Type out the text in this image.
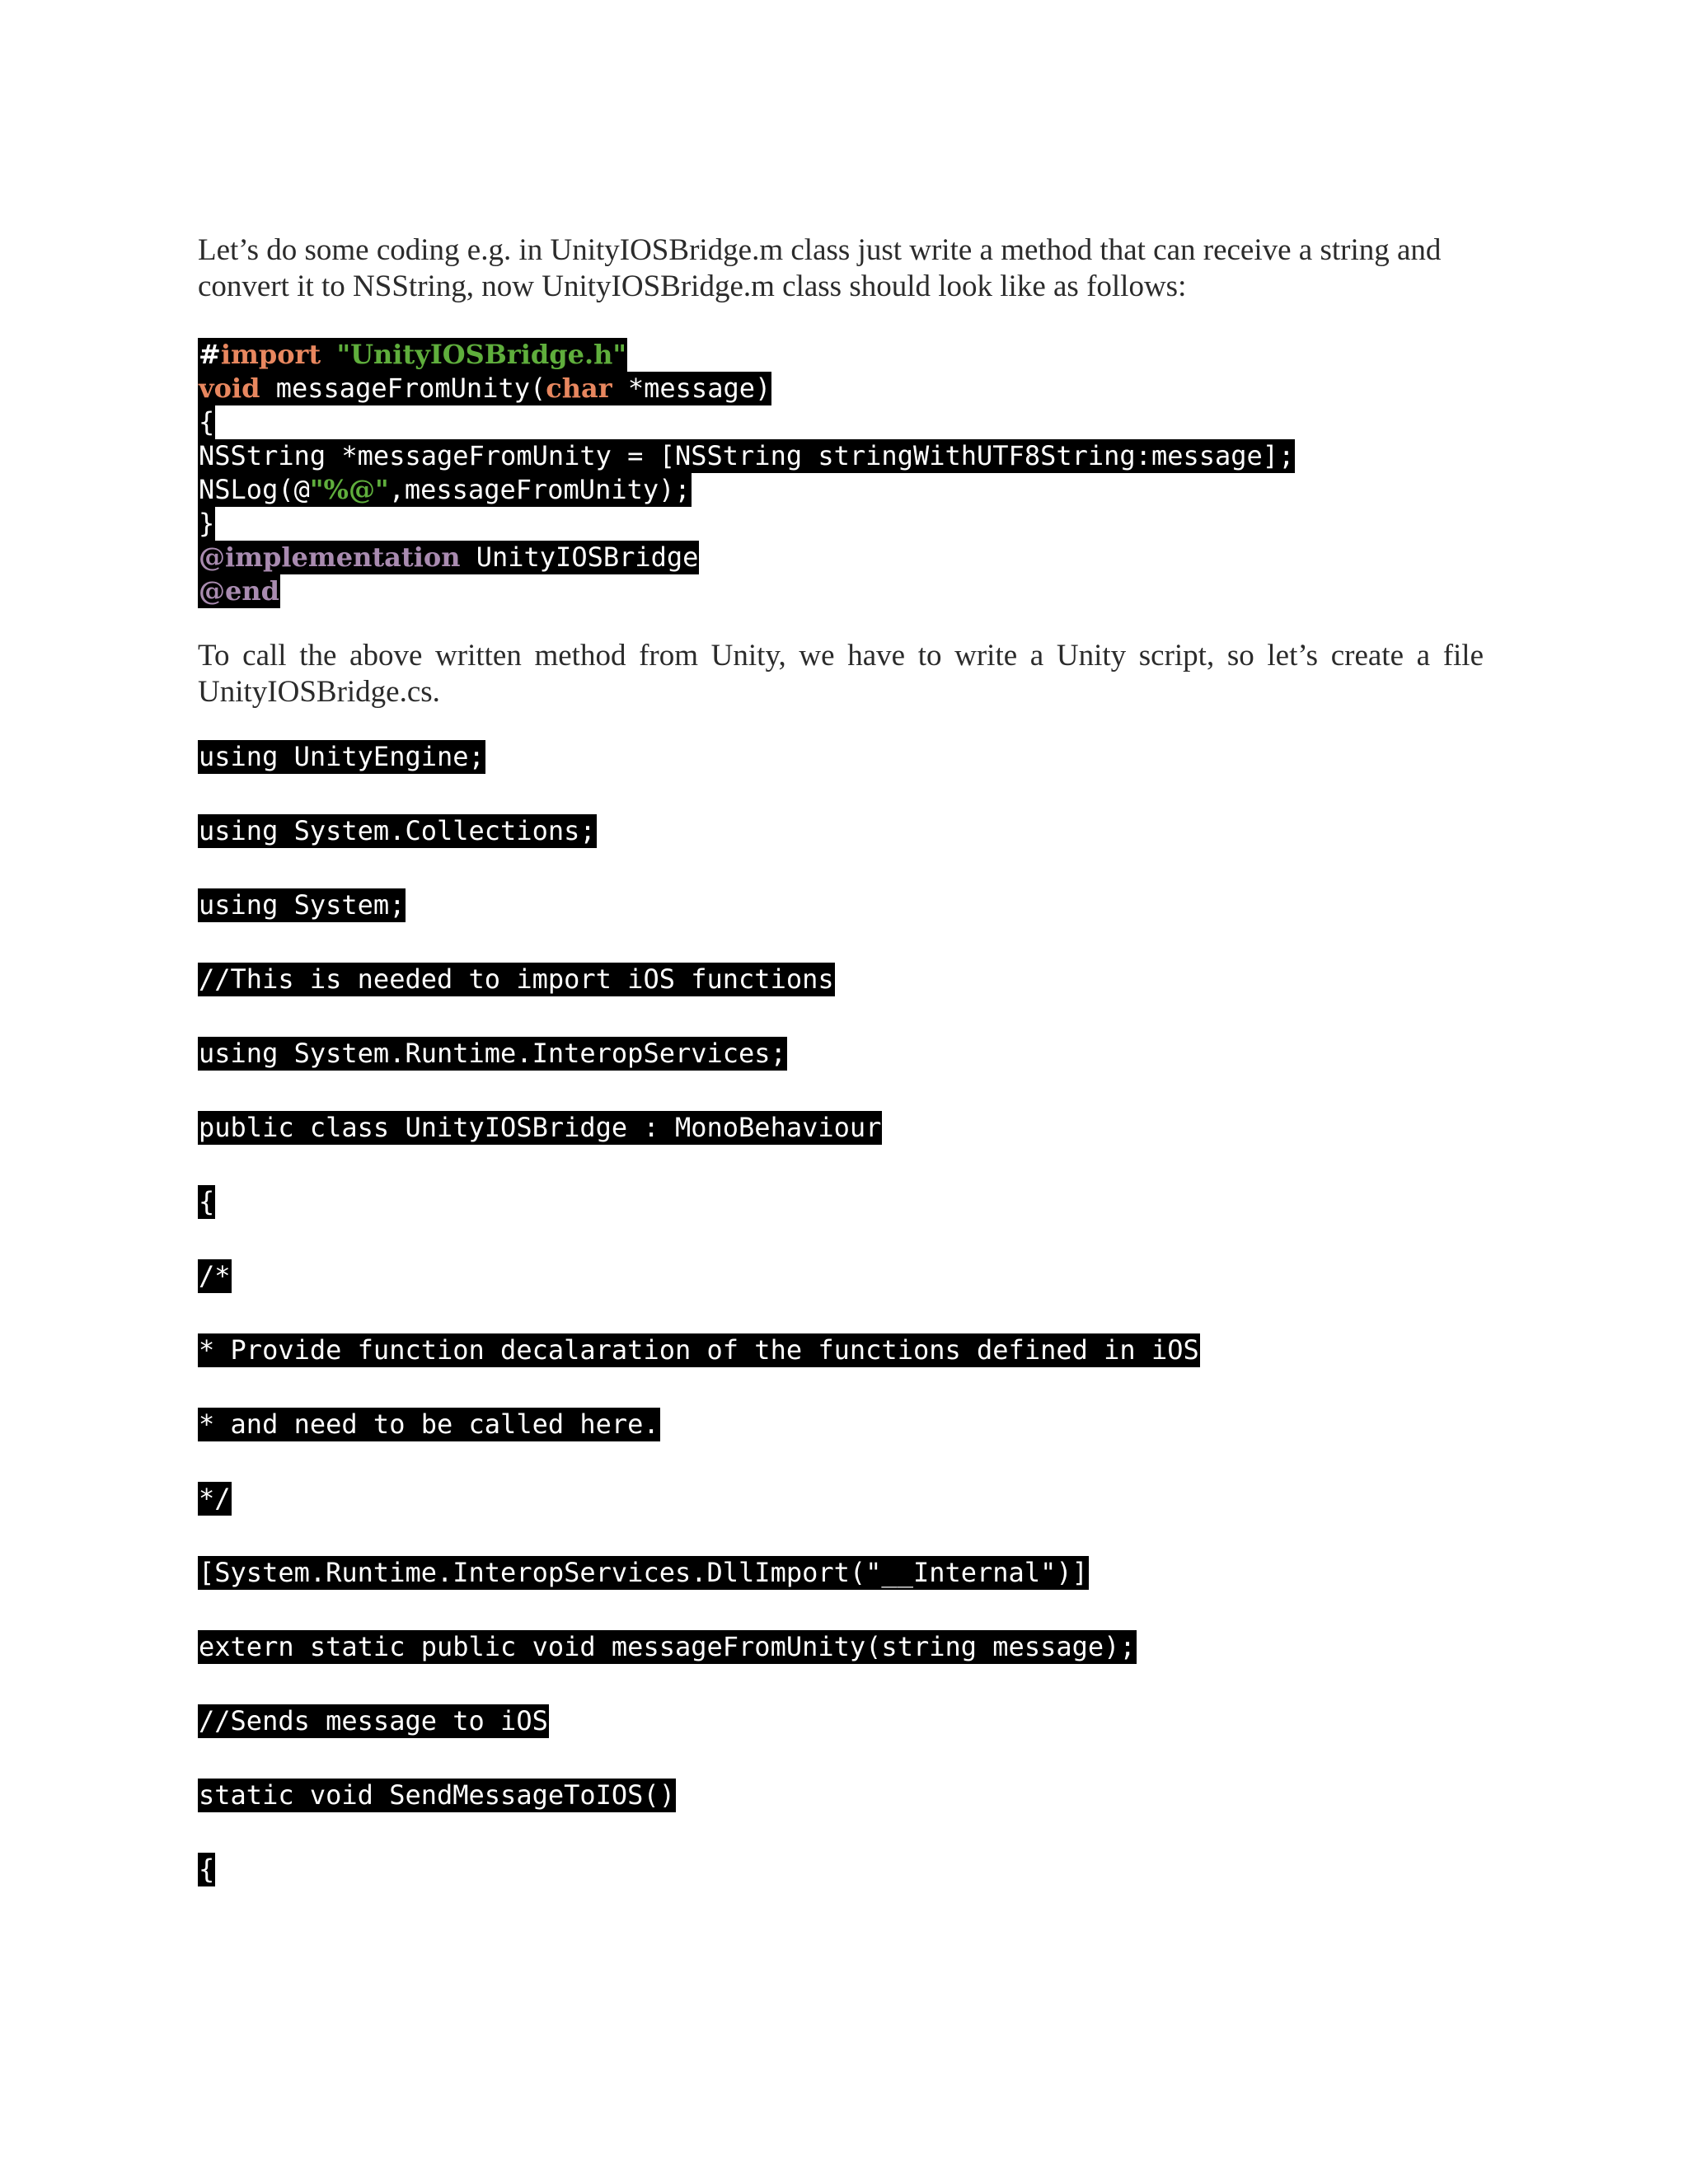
Let’s do some coding e.g. in UnityIOSBridge.m class just write a method that can receive a string and convert it to NSString, now UnityIOSBridge.m class should look like as follows:

#import "UnityIOSBridge.h"
void messageFromUnity(char *message)
{
NSString *messageFromUnity = [NSString stringWithUTF8String:message];
NSLog(@"%@",messageFromUnity);
}
@implementation UnityIOSBridge
@end

To call the above written method from Unity, we have to write a Unity script, so let’s create a file UnityIOSBridge.cs.

using UnityEngine;
using System.Collections;
using System;
//This is needed to import iOS functions
using System.Runtime.InteropServices;
public class UnityIOSBridge : MonoBehaviour
{
/*
* Provide function decalaration of the functions defined in iOS
* and need to be called here.
*/
[System.Runtime.InteropServices.DllImport("__Internal")]
extern static public void messageFromUnity(string message);
//Sends message to iOS
static void SendMessageToIOS()
{
